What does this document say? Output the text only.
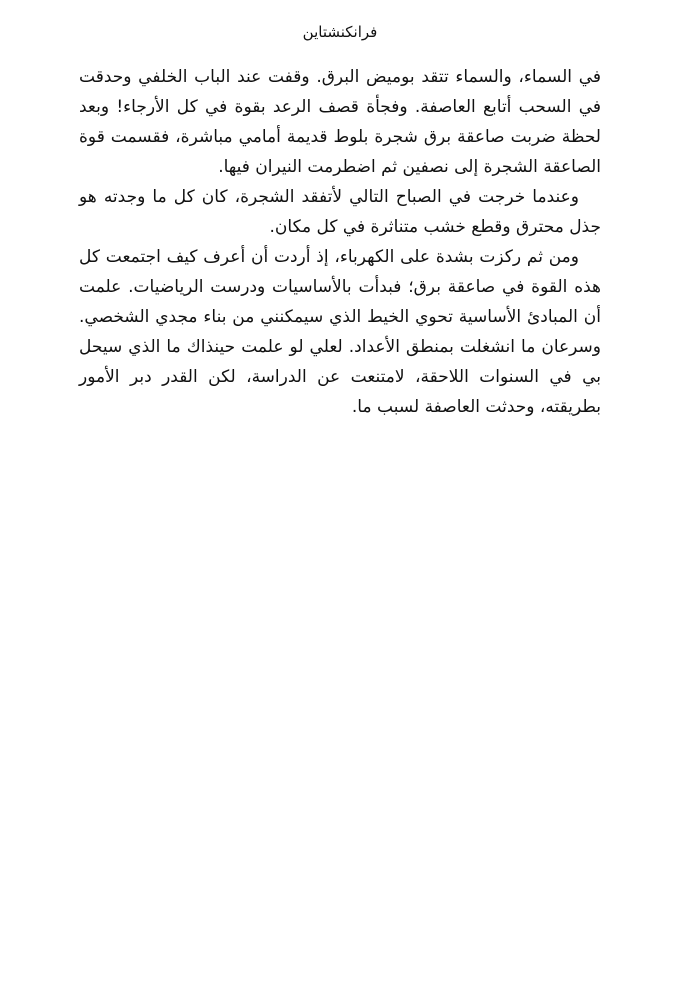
فرانكنشتاين

في السماء، والسماء تتقد بوميض البرق. وقفت عند الباب الخلفي وحدقت في السحب أتابع العاصفة. وفجأة قصف الرعد بقوة في كل الأرجاء! وبعد لحظة ضربت صاعقة برق شجرة بلوط قديمة أمامي مباشرة، فقسمت قوة الصاعقة الشجرة إلى نصفين ثم اضطرمت النيران فيها.

وعندما خرجت في الصباح التالي لأتفقد الشجرة، كان كل ما وجدته هو جذل محترق وقطع خشب متناثرة في كل مكان.

ومن ثم ركزت بشدة على الكهرباء، إذ أردت أن أعرف كيف اجتمعت كل هذه القوة في صاعقة برق؛ فبدأت بالأساسيات ودرست الرياضيات. علمت أن المبادئ الأساسية تحوي الخيط الذي سيمكنني من بناء مجدي الشخصي. وسرعان ما انشغلت بمنطق الأعداد. لعلي لو علمت حينذاك ما الذي سيحل بي في السنوات اللاحقة، لامتنعت عن الدراسة، لكن القدر دبر الأمور بطريقته، وحدثت العاصفة لسبب ما.
